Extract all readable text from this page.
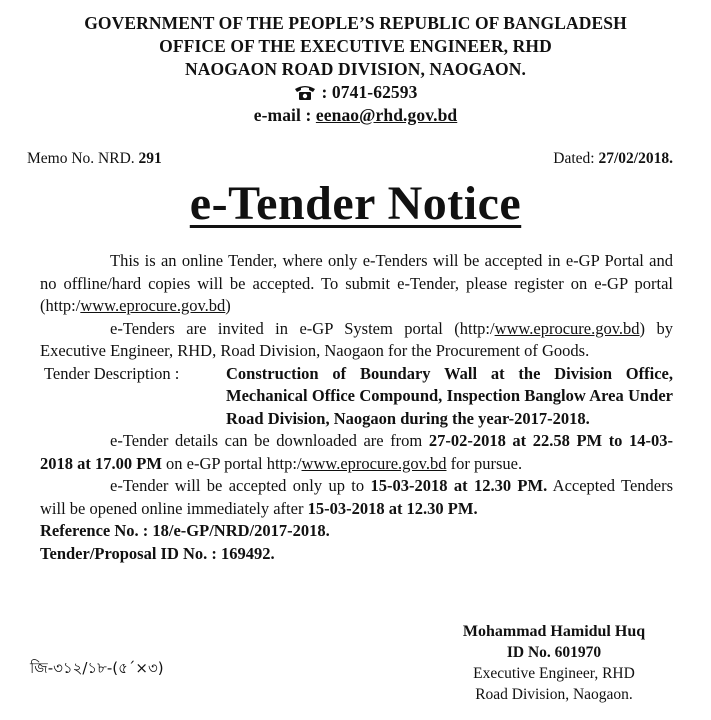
GOVERNMENT OF THE PEOPLE’S REPUBLIC OF BANGLADESH
OFFICE OF THE EXECUTIVE ENGINEER, RHD
NAOGAON ROAD DIVISION, NAOGAON.
: 0741-62593
e-mail : eenao@rhd.gov.bd
Memo No. NRD. 291	Dated: 27/02/2018.
e-Tender Notice

This is an online Tender, where only e-Tenders will be accepted in e-GP Portal and no offline/hard copies will be accepted. To submit e-Tender, please register on e-GP portal (http:/www.eprocure.gov.bd)

e-Tenders are invited in e-GP System portal (http:/www.eprocure.gov.bd) by Executive Engineer, RHD, Road Division, Naogaon for the Procurement of Goods.

Tender Description :	Construction of Boundary Wall at the Division Office, Mechanical Office Compound, Inspection Banglow Area Under Road Division, Naogaon during the year-2017-2018.

e-Tender details can be downloaded are from 27-02-2018 at 22.58 PM to 14-03-2018 at 17.00 PM on e-GP portal http:/www.eprocure.gov.bd for pursue.

e-Tender will be accepted only up to 15-03-2018 at 12.30 PM. Accepted Tenders will be opened online immediately after 15-03-2018 at 12.30 PM.

Reference No. : 18/e-GP/NRD/2017-2018.

Tender/Proposal ID No. : 169492.

Mohammad Hamidul Huq
ID No. 601970
Executive Engineer, RHD
Road Division, Naogaon.
জি-৩১২/১৮-(৫´×৩)
